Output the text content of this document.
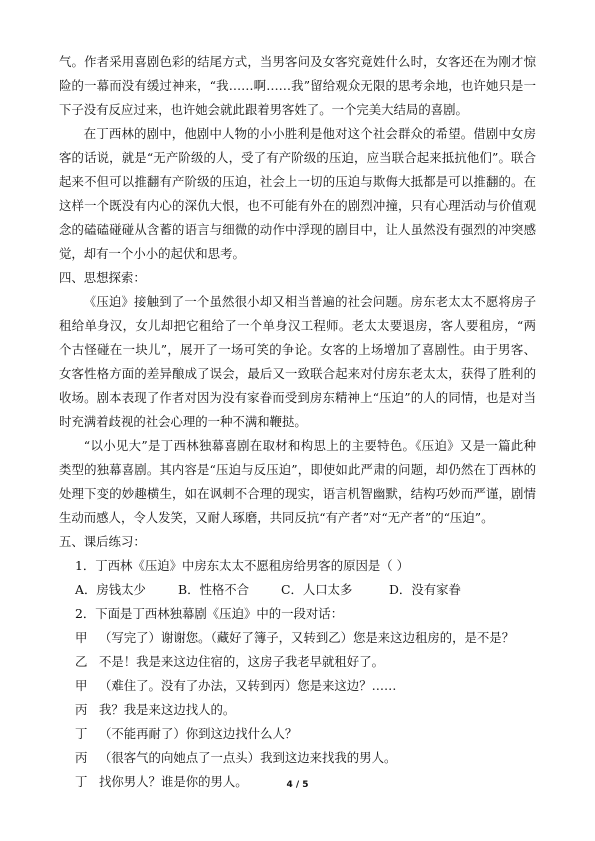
气。作者采用喜剧色彩的结尾方式，当男客问及女客究竟姓什么时，女客还在为刚才惊险的一幕而没有缓过神来，“我……啊……我”留给观众无限的思考余地，也许她只是一下子没有反应过来，也许她会就此跟着男客姓了。一个完美大结局的喜剧。

在丁西林的剧中，他剧中人物的小小胜利是他对这个社会群众的希望。借剧中女房客的话说，就是“无产阶级的人，受了有产阶级的压迫，应当联合起来抵抗他们”。联合起来不但可以推翻有产阶级的压迫，社会上一切的压迫与欺侮大抵都是可以推翻的。在这样一个既没有内心的深仇大恨，也不可能有外在的剧烈冲撞，只有心理活动与价值观念的磕磕碰碰从含蓄的语言与细微的动作中浮现的剧目中，让人虽然没有强烈的冲突感觉，却有一个小小的起伏和思考。

四、思想探索：

《压迫》接触到了一个虽然很小却又相当普遍的社会问题。房东老太太不愿将房子租给单身汉，女儿却把它租给了一个单身汉工程师。老太太要退房，客人要租房，“两个古怪碰在一块儿”，展开了一场可笑的争论。女客的上场增加了喜剧性。由于男客、女客性格方面的差异酿成了误会，最后又一致联合起来对付房东老太太，获得了胜利的收场。剧本表现了作者对因为没有家眷而受到房东精神上“压迫”的人的同情，也是对当时充满着歧视的社会心理的一种不满和鞭挞。

“以小见大”是丁西林独幕喜剧在取材和构思上的主要特色。《压迫》又是一篇此种类型的独幕喜剧。其内容是“压迫与反压迫”，即使如此严肃的问题，却仍然在丁西林的处理下变的妙趣横生，如在讽刺不合理的现实，语言机智幽默，结构巧妙而严谨，剧情生动而感人，令人发笑，又耐人琢磨，共同反抗“有产者”对“无产者”的“压迫”。

五、课后练习：

1．丁西林《压迫》中房东太太不愿租房给男客的原因是（ ）

A．房钱太少	B．性格不合	C．人口太多	D．没有家眷

2．下面是丁西林独幕剧《压迫》中的一段对话：

甲 （写完了）谢谢您。（藏好了簿子，又转到乙）您是来这边租房的，是不是？
乙 不是！我是来这边住宿的，这房子我老早就租好了。
甲 （难住了。没有了办法，又转到丙）您是来这边？……
丙 我？我是来这边找人的。
丁 （不能再耐了）你到这边找什么人？
丙 （很客气的向她点了一点头）我到这边来找我的男人。
丁 找你男人？谁是你的男人。	4 / 5
